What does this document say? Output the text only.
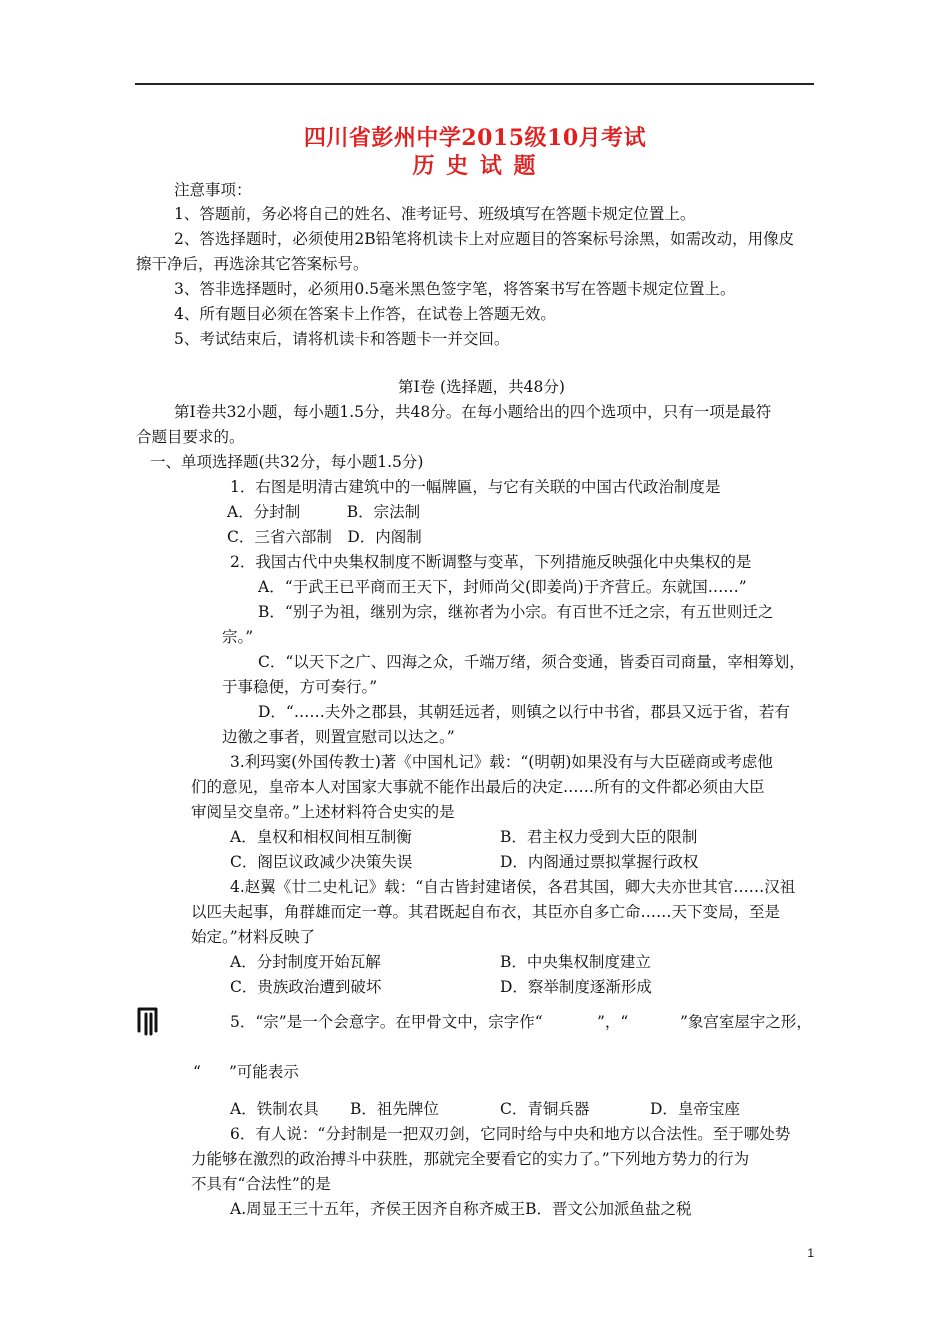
四川省彭州中学2015级10月考试
历 史 试 题
注意事项：
1、答题前，务必将自己的姓名、准考证号、班级填写在答题卡规定位置上。
2、答选择题时，必须使用2B铅笔将机读卡上对应题目的答案标号涂黑，如需改动，用像皮
擦干净后，再选涂其它答案标号。
3、答非选择题时，必须用0.5毫米黑色签字笔，将答案书写在答题卡规定位置上。
4、所有题目必须在答案卡上作答，在试卷上答题无效。
5、考试结束后，请将机读卡和答题卡一并交回。
第Ⅰ卷 (选择题，共48分)
第Ⅰ卷共32小题，每小题1.5分，共48分。在每小题给出的四个选项中，只有一项是最符
合题目要求的。
一、单项选择题(共32分，每小题1.5分)
1．右图是明清古建筑中的一幅牌匾，与它有关联的中国古代政治制度是
A．分封制　　　B．宗法制
C．三省六部制　D．内阁制
2．我国古代中央集权制度不断调整与变革，下列措施反映强化中央集权的是
A．“于武王已平商而王天下，封师尚父(即姜尚)于齐营丘。东就国……”
B．“别子为祖，继别为宗，继祢者为小宗。有百世不迁之宗，有五世则迁之
宗。”
C．“以天下之广、四海之众，千端万绪，须合变通，皆委百司商量，宰相筹划，
于事稳便，方可奏行。”
D．“……夫外之郡县，其朝廷远者，则镇之以行中书省，郡县又远于省，若有
边徼之事者，则置宣慰司以达之。”
3.利玛窦(外国传教士)著《中国札记》载：“(明朝)如果没有与大臣磋商或考虑他
们的意见，皇帝本人对国家大事就不能作出最后的决定……所有的文件都必须由大臣
审阅呈交皇帝。”上述材料符合史实的是
A．皇权和相权间相互制衡	B．君主权力受到大臣的限制
C．阁臣议政减少决策失误	D．内阁通过票拟掌握行政权
4.赵翼《廿二史札记》载：“自古皆封建诸侯，各君其国，卿大夫亦世其官……汉祖
以匹夫起事，角群雄而定一尊。其君既起自布衣，其臣亦自多亡命……天下变局，至是
始定。”材料反映了
A．分封制度开始瓦解	B．中央集权制度建立
C．贵族政治遭到破坏	D．察举制度逐渐形成
5．“宗”是一个会意字。在甲骨文中，宗字作“	”，“	”象宫室屋宇之形，
“ ”可能表示
A．铁制农具 B．祖先牌位	C．青铜兵器	D．皇帝宝座
6．有人说：“分封制是一把双刃剑，它同时给与中央和地方以合法性。至于哪处势
力能够在激烈的政治搏斗中获胜，那就完全要看它的实力了。”下列地方势力的行为
不具有“合法性”的是
A.周显王三十五年，齐侯王因齐自称齐威王B．晋文公加派鱼盐之税
1
